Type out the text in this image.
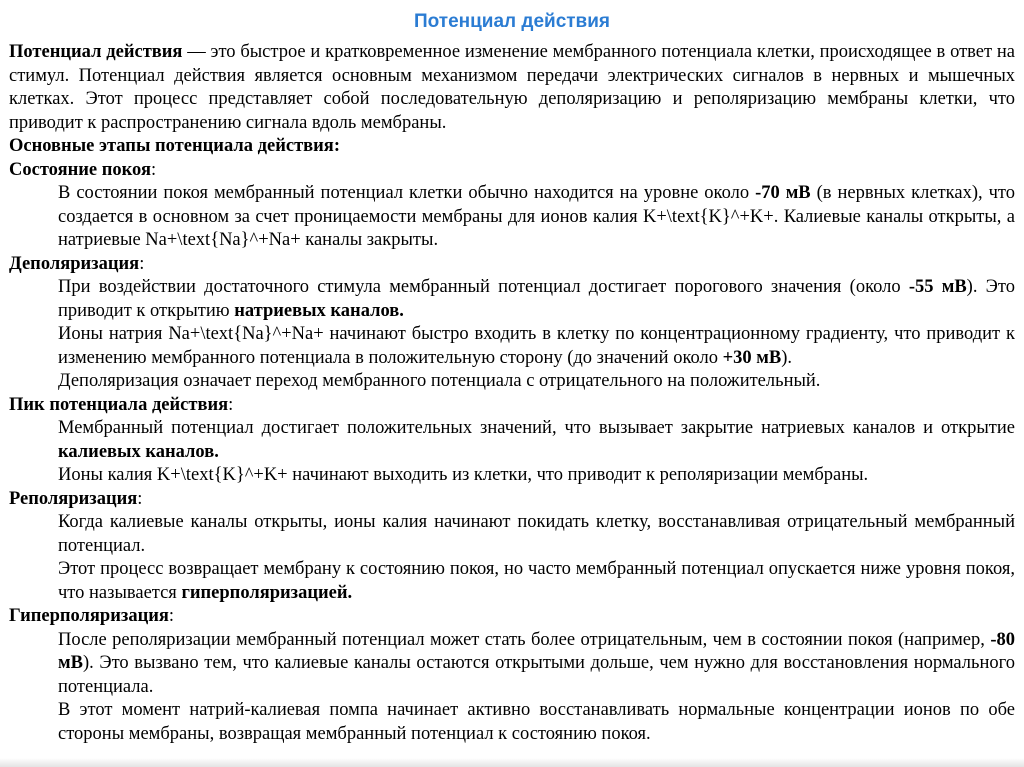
Потенциал действия
Потенциал действия — это быстрое и кратковременное изменение мембранного потенциала клетки, происходящее в ответ на стимул. Потенциал действия является основным механизмом передачи электрических сигналов в нервных и мышечных клетках. Этот процесс представляет собой последовательную деполяризацию и реполяризацию мембраны клетки, что приводит к распространению сигнала вдоль мембраны.
Основные этапы потенциала действия:
Состояние покоя:
В состоянии покоя мембранный потенциал клетки обычно находится на уровне около -70 мВ (в нервных клетках), что создается в основном за счет проницаемости мембраны для ионов калия K+\text{K}^+K+. Калиевые каналы открыты, а натриевые Na+\text{Na}^+Na+ каналы закрыты.
Деполяризация:
При воздействии достаточного стимула мембранный потенциал достигает порогового значения (около -55 мВ). Это приводит к открытию натриевых каналов.
Ионы натрия Na+\text{Na}^+Na+ начинают быстро входить в клетку по концентрационному градиенту, что приводит к изменению мембранного потенциала в положительную сторону (до значений около +30 мВ).
Деполяризация означает переход мембранного потенциала с отрицательного на положительный.
Пик потенциала действия:
Мембранный потенциал достигает положительных значений, что вызывает закрытие натриевых каналов и открытие калиевых каналов.
Ионы калия K+\text{K}^+K+ начинают выходить из клетки, что приводит к реполяризации мембраны.
Реполяризация:
Когда калиевые каналы открыты, ионы калия начинают покидать клетку, восстанавливая отрицательный мембранный потенциал.
Этот процесс возвращает мембрану к состоянию покоя, но часто мембранный потенциал опускается ниже уровня покоя, что называется гиперполяризацией.
Гиперполяризация:
После реполяризации мембранный потенциал может стать более отрицательным, чем в состоянии покоя (например, -80 мВ). Это вызвано тем, что калиевые каналы остаются открытыми дольше, чем нужно для восстановления нормального потенциала.
В этот момент натрий-калиевая помпа начинает активно восстанавливать нормальные концентрации ионов по обе стороны мембраны, возвращая мембранный потенциал к состоянию покоя.
